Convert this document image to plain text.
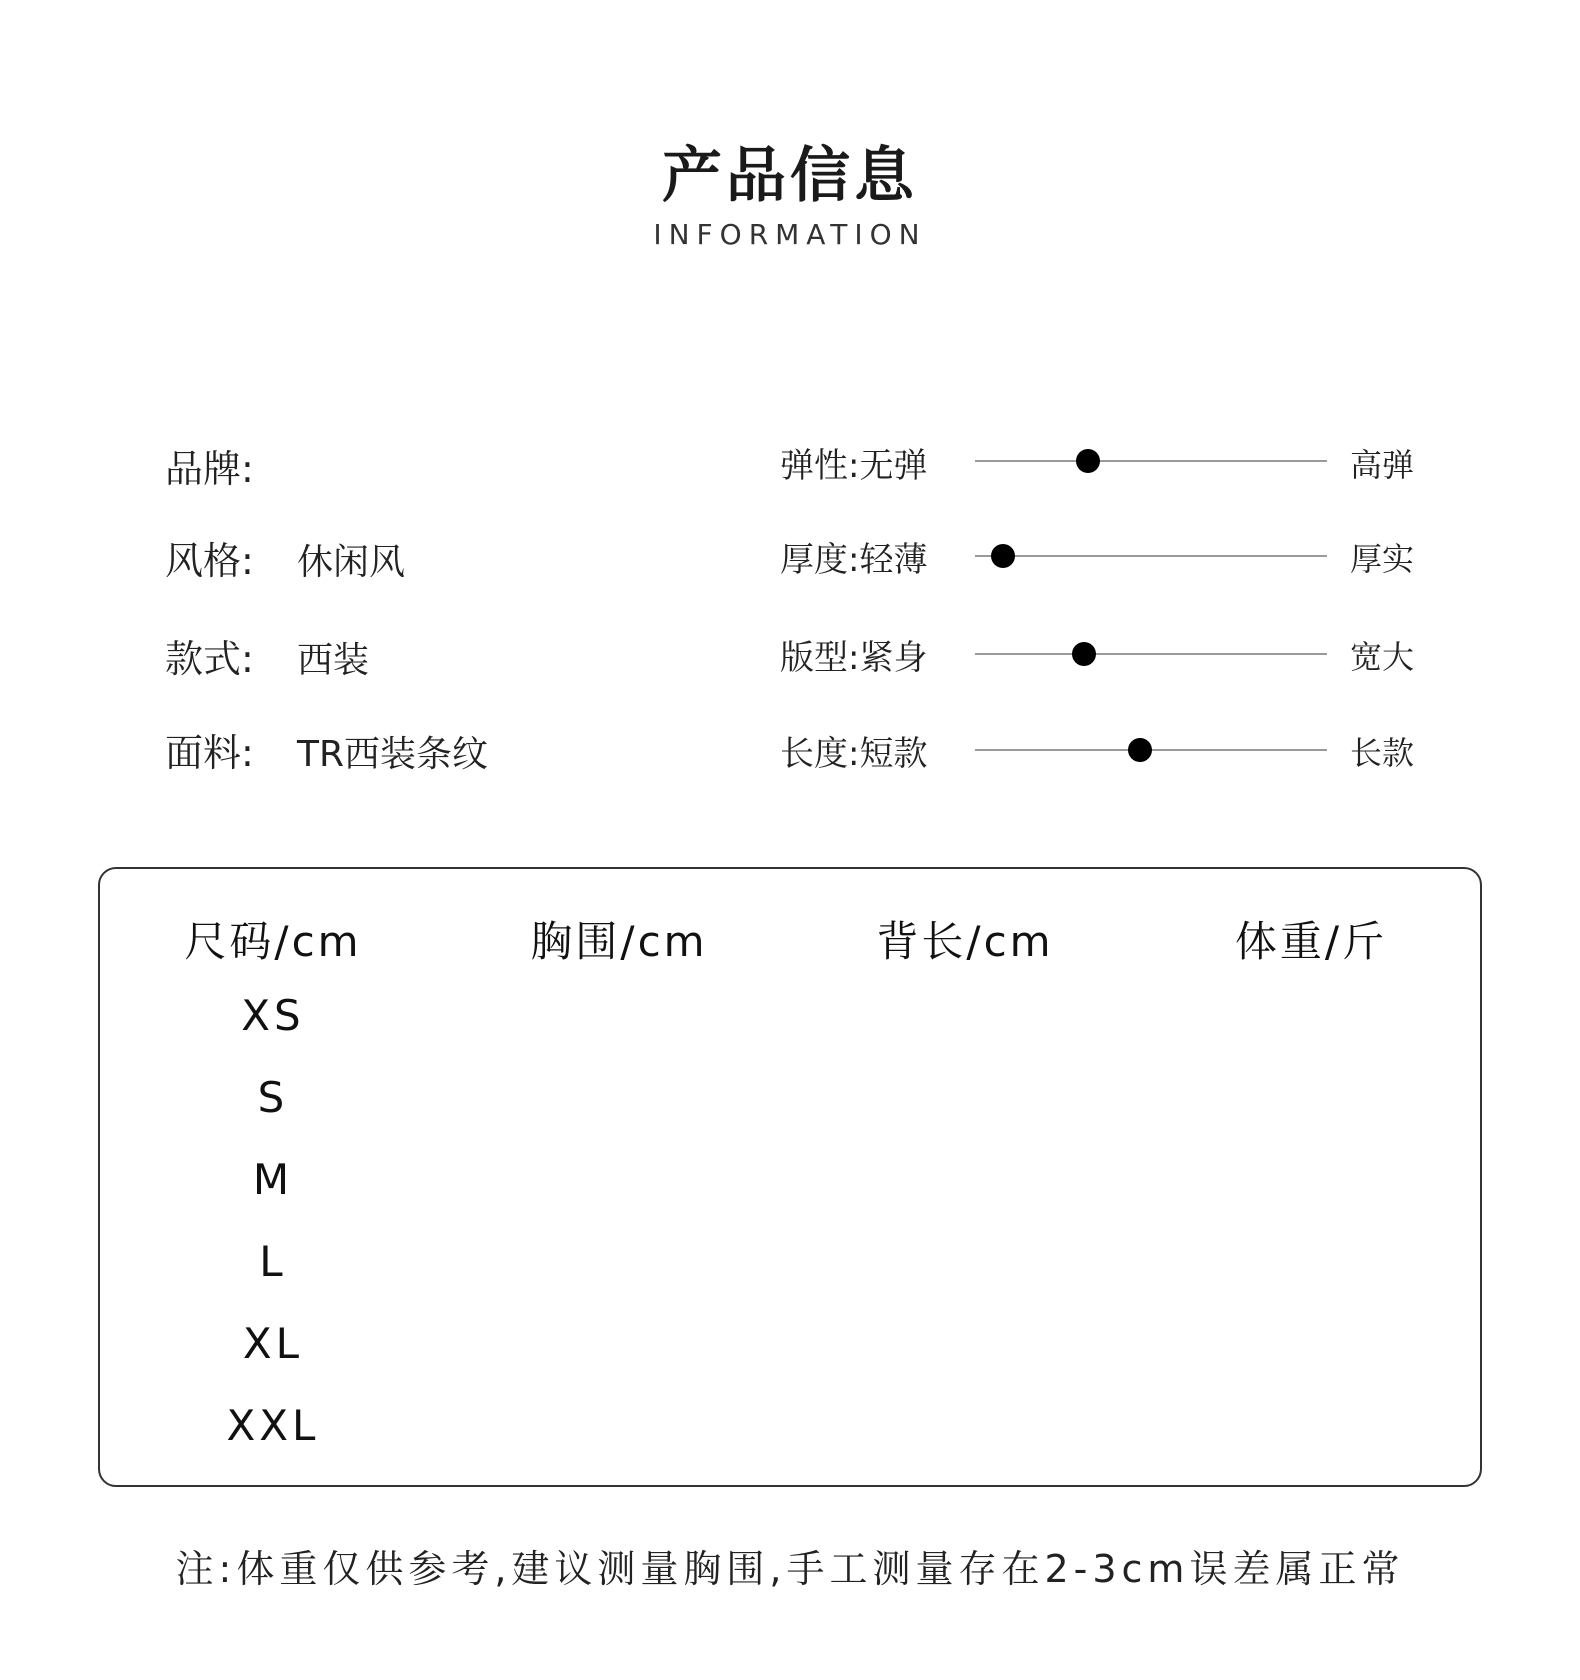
产品信息
INFORMATION
品牌:
风格: 休闲风
款式: 西装
面料: TR西装条纹
弹性:无弹	高弹
厚度:轻薄	厚实
版型:紧身	宽大
长度:短款	长款
尺码/cm	胸围/cm	背长/cm	体重/斤
XS
S
M
L
XL
XXL
注:体重仅供参考,建议测量胸围,手工测量存在2-3cm误差属正常
